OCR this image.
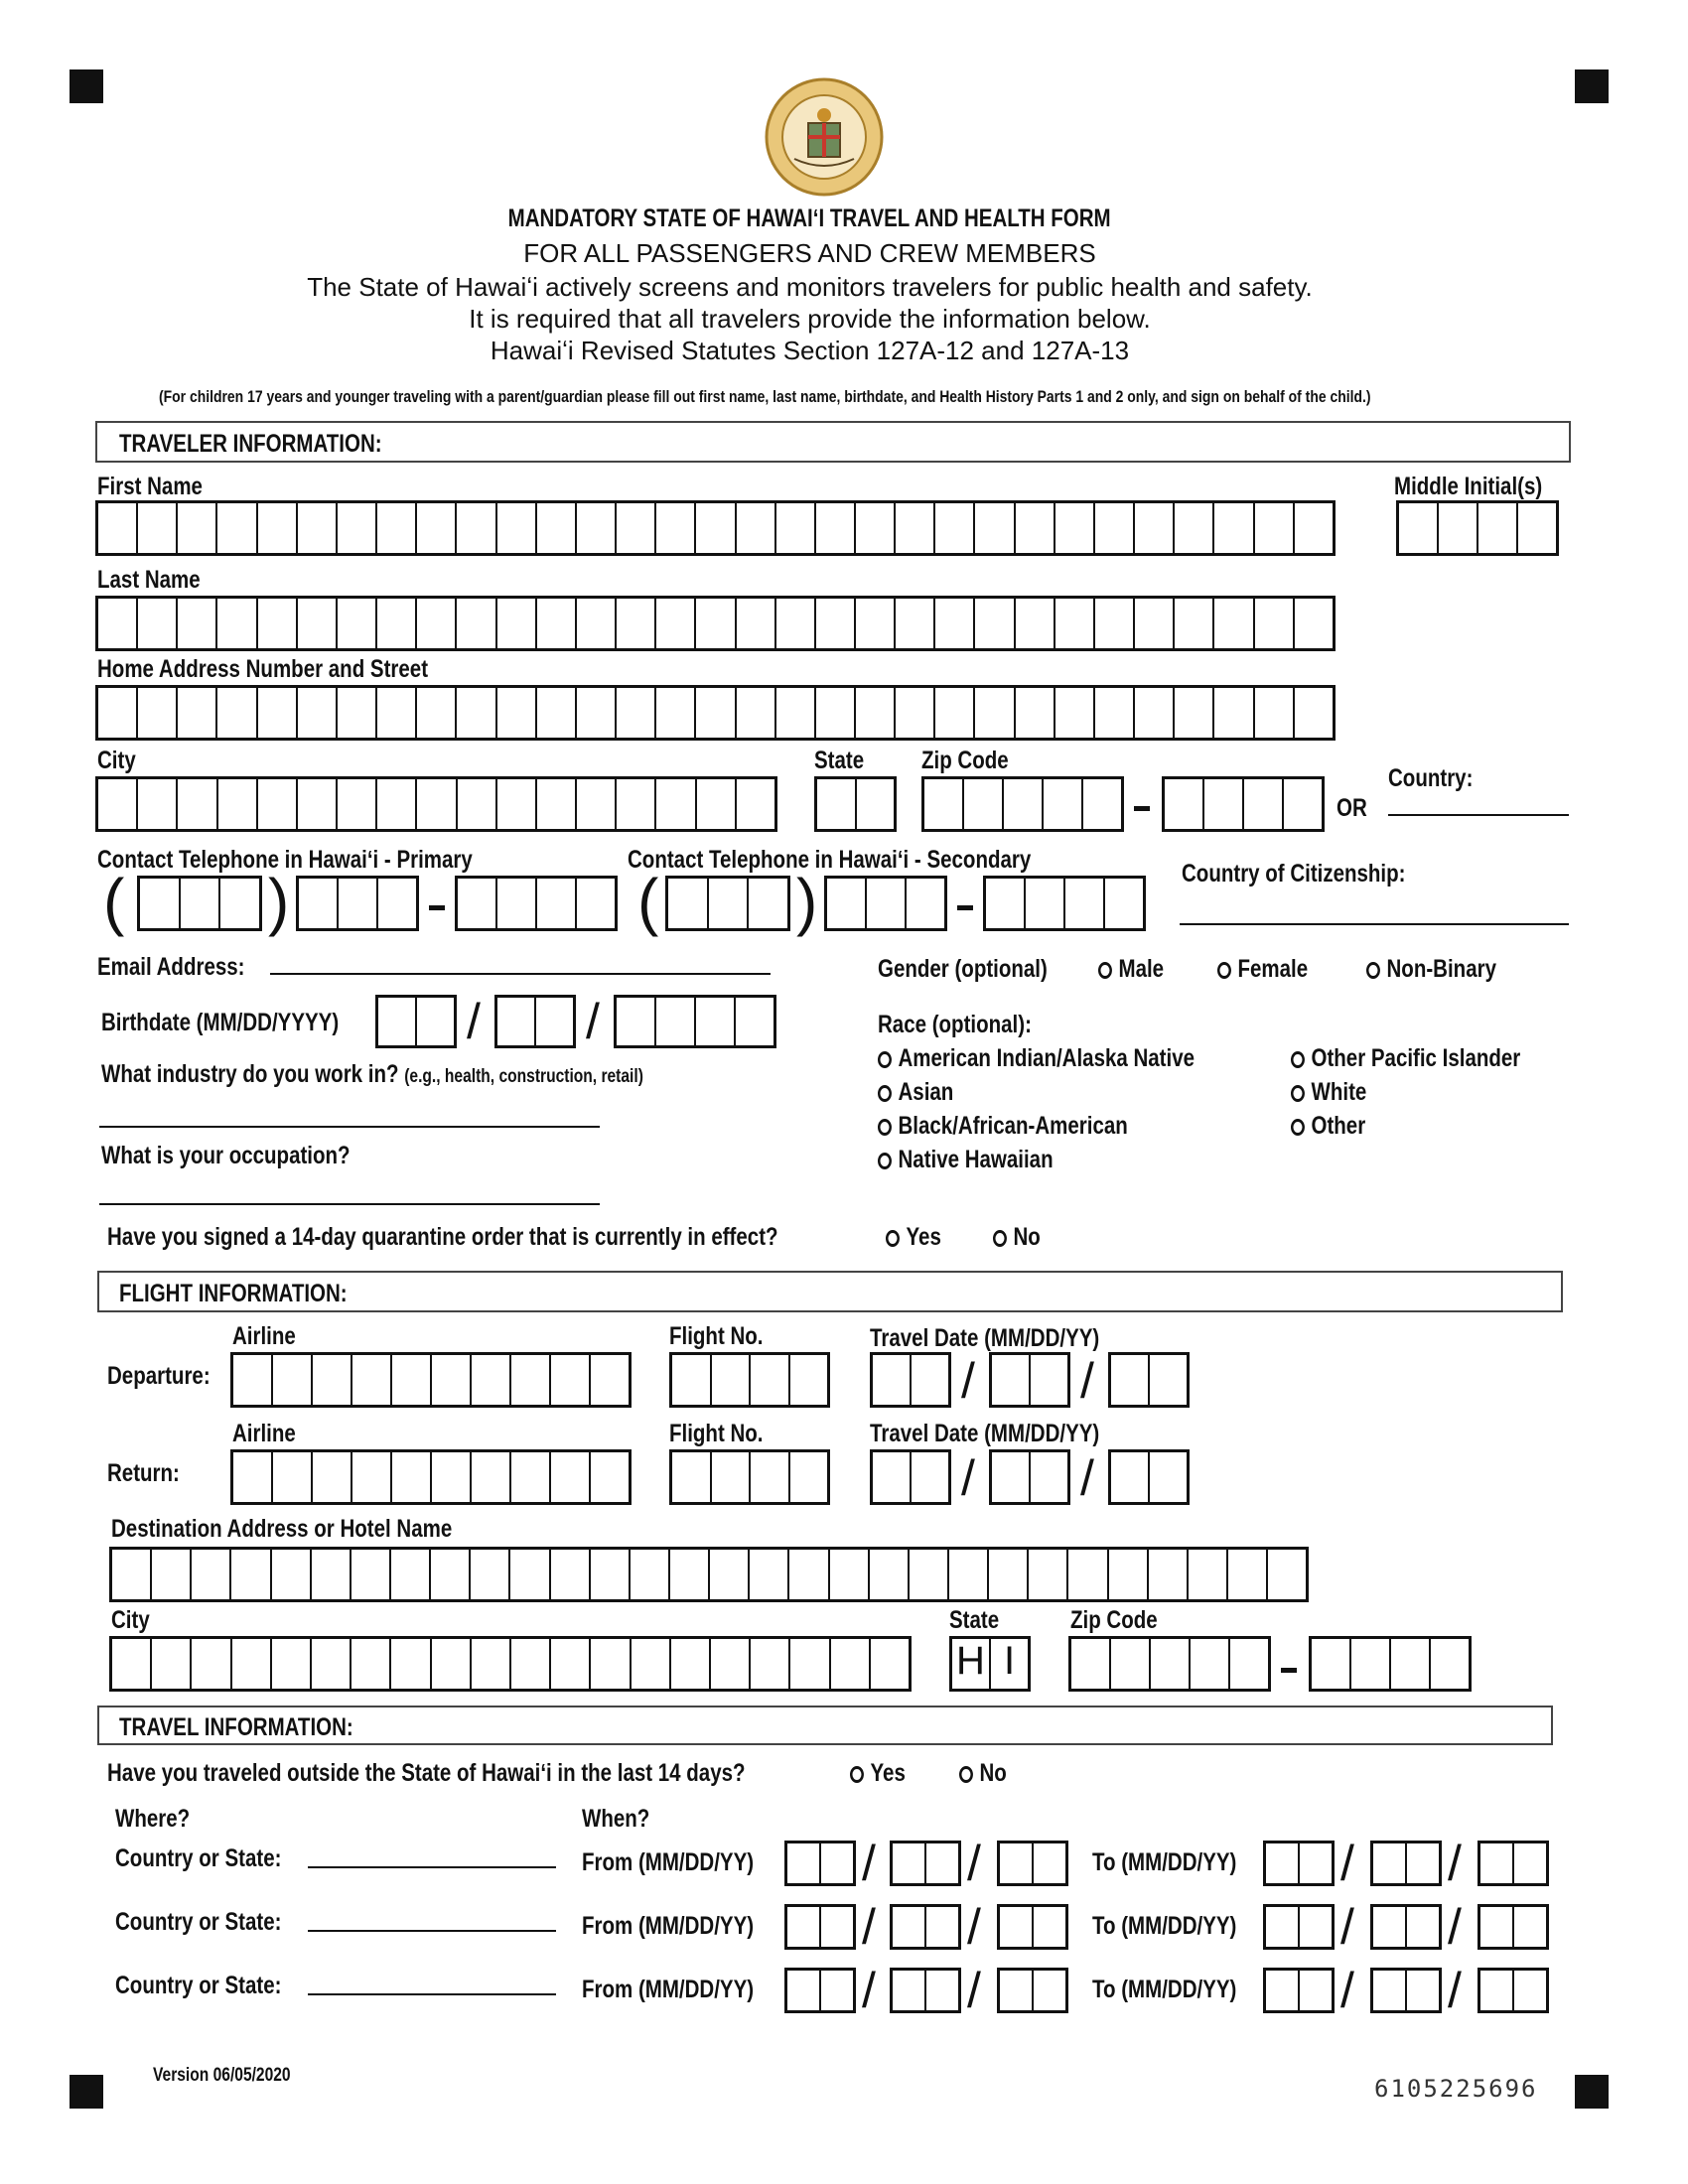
MANDATORY STATE OF HAWAIʻI TRAVEL AND HEALTH FORM
FOR ALL PASSENGERS AND CREW MEMBERS
The State of Hawaiʻi actively screens and monitors travelers for public health and safety.
It is required that all travelers provide the information below.
Hawaiʻi Revised Statutes Section 127A-12 and 127A-13
(For children 17 years and younger traveling with a parent/guardian please fill out first name, last name, birthdate, and Health History Parts 1 and 2 only, and sign on behalf of the child.)
TRAVELER INFORMATION:
First Name	Middle Initial(s)
Last Name
Home Address Number and Street
City	State Zip Code
Country:
OR
Contact Telephone in Hawaiʻi - Primary	Contact Telephone in Hawaiʻi - Secondary	Country of Citizenship:
( )	( )
Email Address:	Gender (optional)	Male	Female	Non-Binary
Birthdate (MM/DD/YYYY)	/ /	Race (optional):
American Indian/Alaska Native
Asian
Black/African-American
Native Hawaiian
Other Pacific Islander
White
Other
What industry do you work in? (e.g., health, construction, retail)
What is your occupation?
Have you signed a 14-day quarantine order that is currently in effect?	Yes	No
FLIGHT INFORMATION:
Airline	Flight No.	Travel Date (MM/DD/YY)
Departure:	/ /
Airline	Flight No.	Travel Date (MM/DD/YY)
Return:	/ /
Destination Address or Hotel Name
City	State	Zip Code
H I
TRAVEL INFORMATION:
Have you traveled outside the State of Hawaiʻi in the last 14 days?	Yes	No
Where?	When?
Country or State:	From (MM/DD/YY) / /	To (MM/DD/YY) / /
Country or State:	From (MM/DD/YY) / /	To (MM/DD/YY) / /
Country or State:	From (MM/DD/YY) / /	To (MM/DD/YY) / /
Version 06/05/2020	6105225696
